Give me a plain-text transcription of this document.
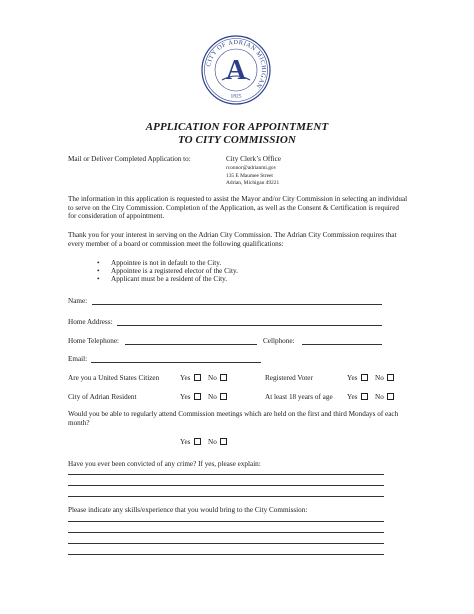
CITY OF ADRIAN MICHIGAN
A
1825
APPLICATION FOR APPOINTMENT
TO CITY COMMISSION
Mail or Deliver Completed Application to:	City Clerk’s Office
rconnor@adrianmi.gov
135 E Maumee Street
Adrian, Michigan 49221
The information in this application is requested to assist the Mayor and/or City Commission in selecting an individual to serve on the City Commission. Completion of the Application, as well as the Consent & Certification is required for consideration of appointment.
Thank you for your interest in serving on the Adrian City Commission. The Adrian City Commission requires that every member of a board or commission meet the following qualifications:
• Appointee is not in default to the City.
• Appointee is a registered elector of the City.
• Applicant must be a resident of the City.
Name:
Home Address:
Home Telephone:	Cellphone:
Email:
Are you a United States Citizen	Yes No	Registered Voter	Yes No
City of Adrian Resident	Yes No	At least 18 years of age Yes No
Would you be able to regularly attend Commission meetings which are held on the first and third Mondays of each month?
Yes No
Have you ever been convicted of any crime? If yes, please explain:
Please indicate any skills/experience that you would bring to the City Commission:
